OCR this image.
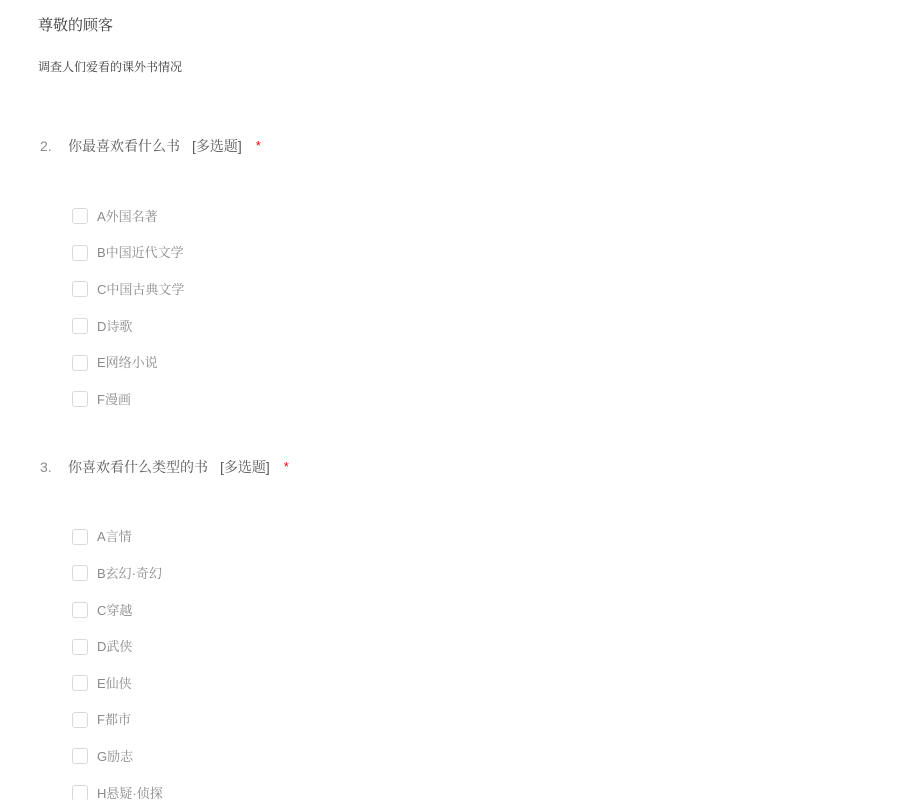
尊敬的顾客
调查人们爱看的课外书情况
2. 你最喜欢看什么书 [多选题] *
A外国名著
B中国近代文学
C中国古典文学
D诗歌
E网络小说
F漫画
3. 你喜欢看什么类型的书 [多选题] *
A言情
B玄幻·奇幻
C穿越
D武侠
E仙侠
F都市
G励志
H悬疑·侦探
